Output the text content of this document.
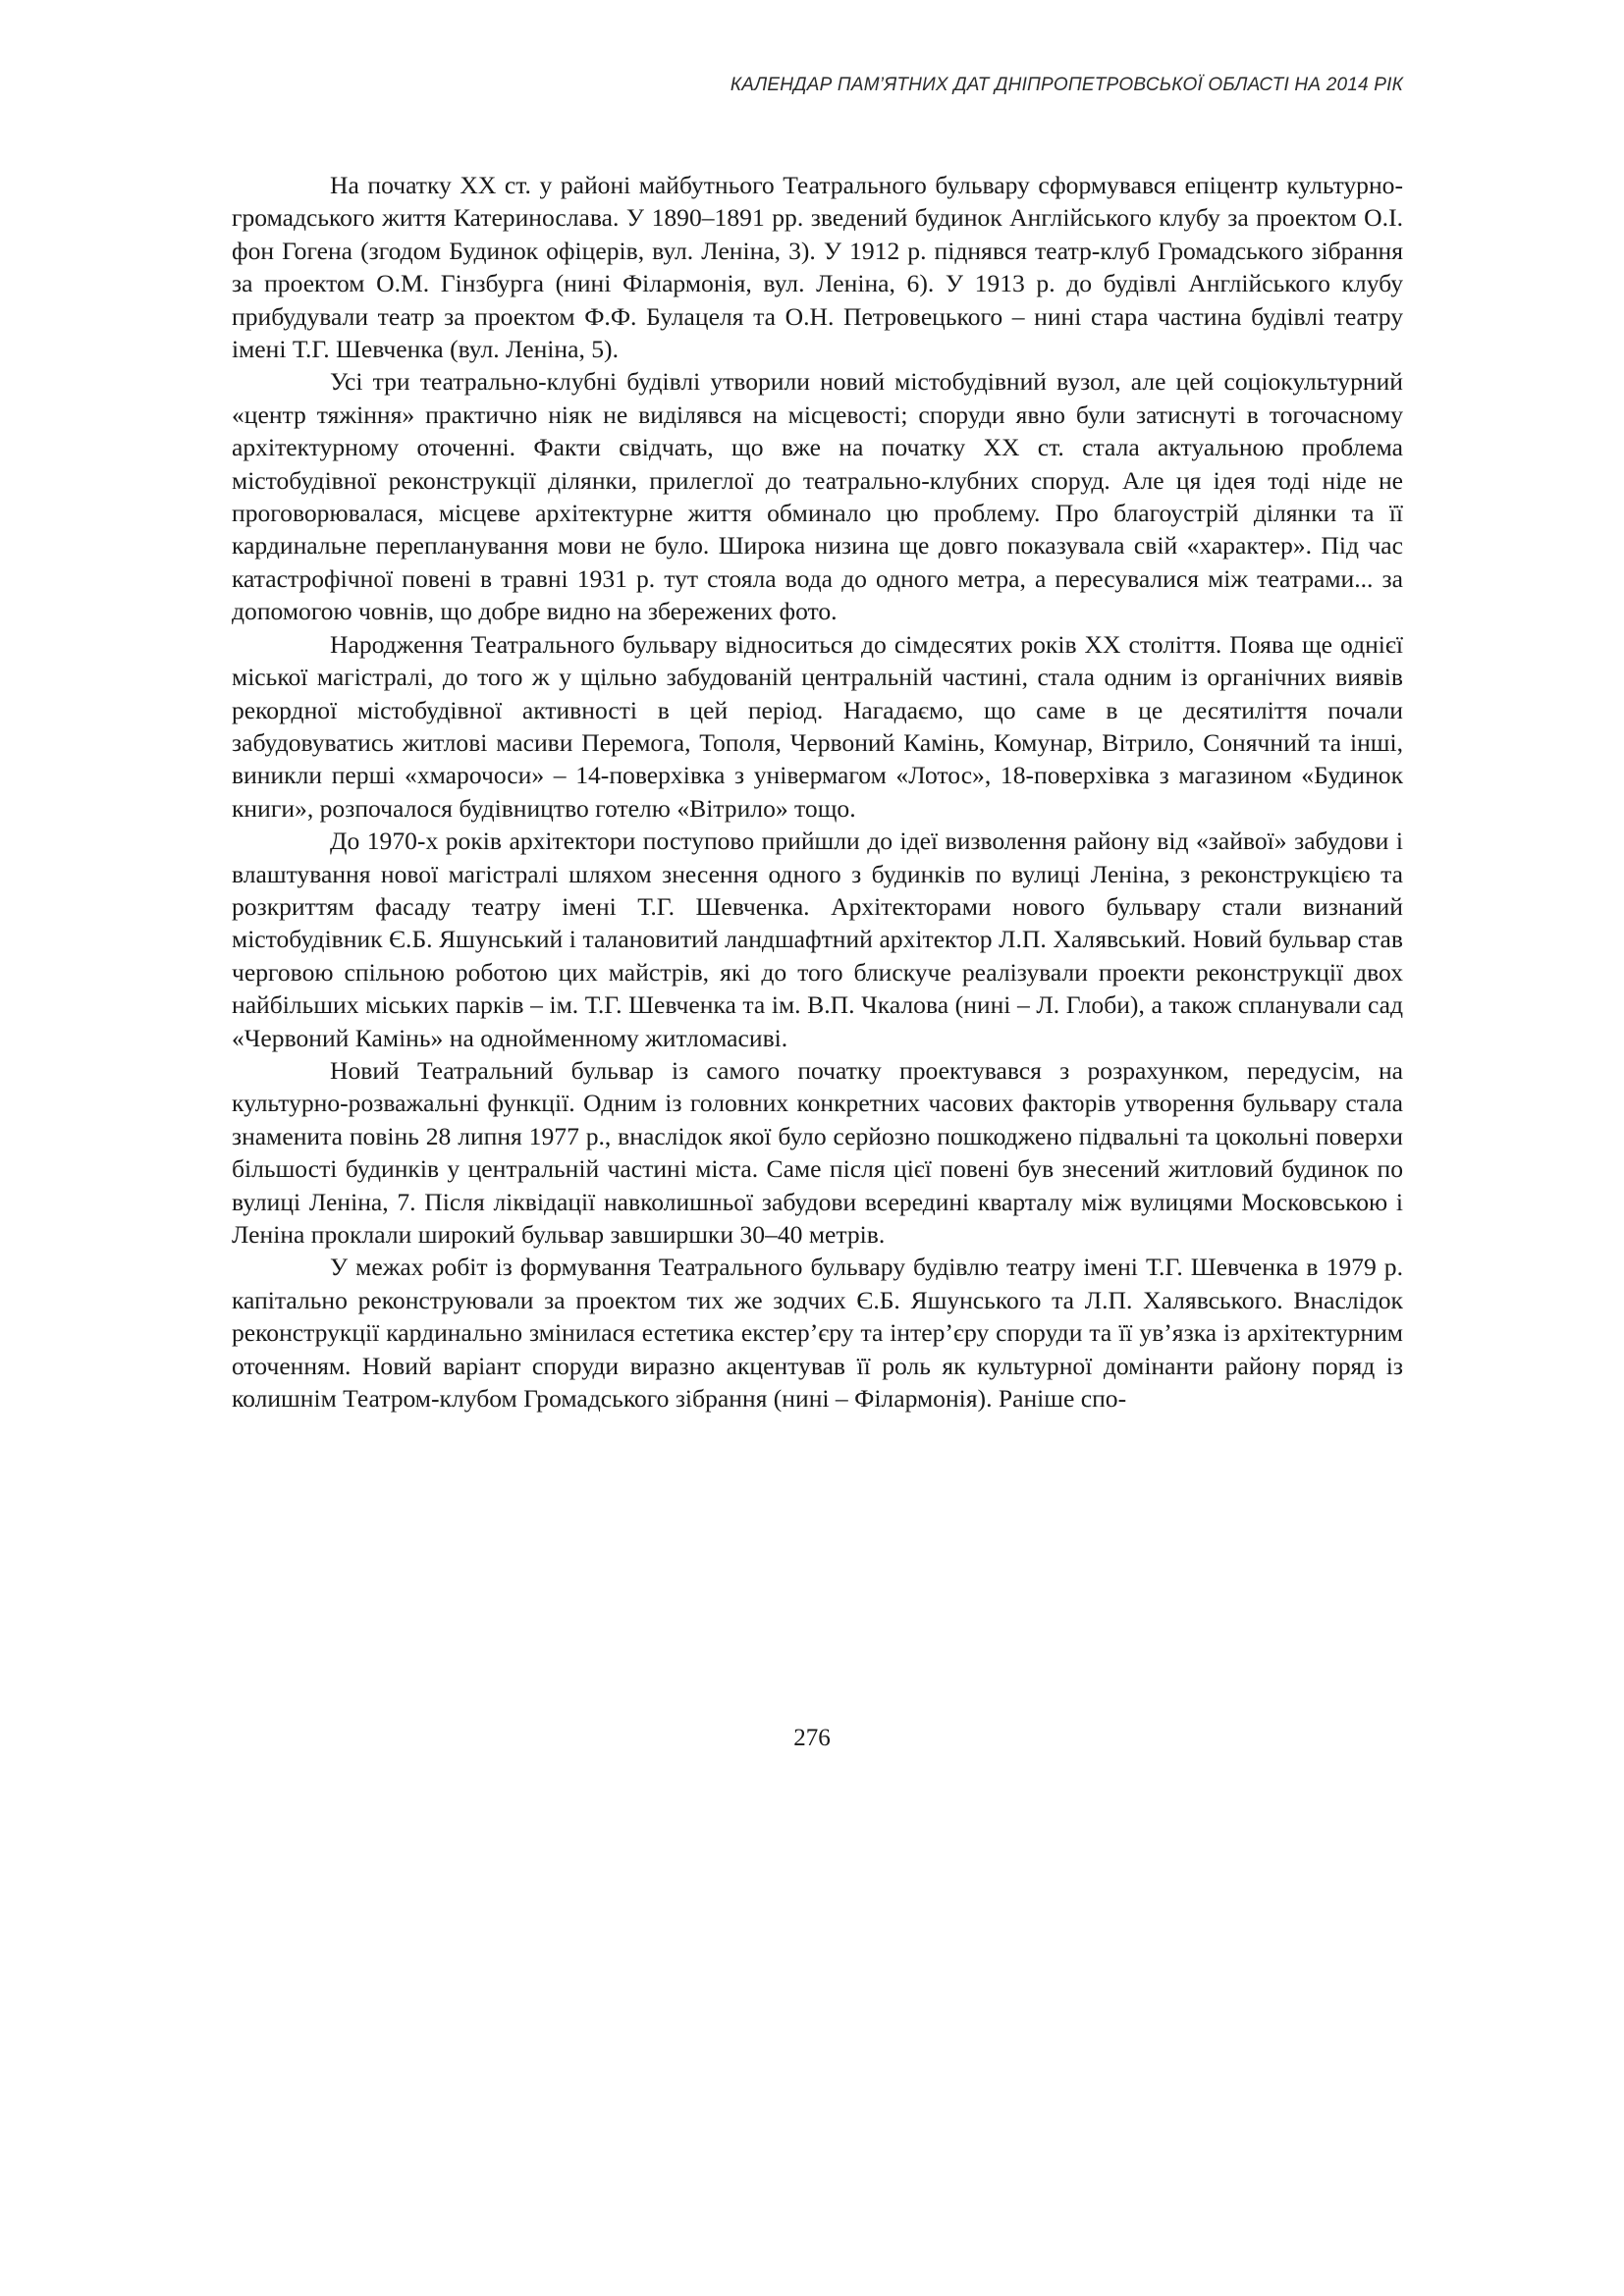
КАЛЕНДАР ПАМ’ЯТНИХ ДАТ ДНІПРОПЕТРОВСЬКОЇ ОБЛАСТІ НА 2014 РІК

На початку ХХ ст. у районі майбутнього Театрального бульвару сформувався епіцентр культурно-громадського життя Катеринослава. У 1890–1891 рр. зведений будинок Англійського клубу за проектом О.І. фон Гогена (згодом Будинок офіцерів, вул. Леніна, 3). У 1912 р. піднявся театр-клуб Громадського зібрання за проектом О.М. Гінзбурга (нині Філармонія, вул. Леніна, 6). У 1913 р. до будівлі Англійського клубу прибудували театр за проектом Ф.Ф. Булацеля та О.Н. Петровецького – нині стара частина будівлі театру імені Т.Г. Шевченка (вул. Леніна, 5).

Усі три театрально-клубні будівлі утворили новий містобудівний вузол, але цей соціокультурний «центр тяжіння» практично ніяк не виділявся на місцевості; споруди явно були затиснуті в тогочасному архітектурному оточенні. Факти свідчать, що вже на початку ХХ ст. стала актуальною проблема містобудівної реконструкції ділянки, прилеглої до театрально-клубних споруд. Але ця ідея тоді ніде не проговорювалася, місцеве архітектурне життя обминало цю проблему. Про благоустрій ділянки та її кардинальне перепланування мови не було. Широка низина ще довго показувала свій «характер». Під час катастрофічної повені в травні 1931 р. тут стояла вода до одного метра, а пересувалися між театрами... за допомогою човнів, що добре видно на збережених фото.

Народження Театрального бульвару відноситься до сімдесятих років ХХ століття. Поява ще однієї міської магістралі, до того ж у щільно забудованій центральній частині, стала одним із органічних виявів рекордної містобудівної активності в цей період. Нагадаємо, що саме в це десятиліття почали забудовуватись житлові масиви Перемога, Тополя, Червоний Камінь, Комунар, Вітрило, Сонячний та інші, виникли перші «хмарочоси» – 14-поверхівка з універмагом «Лотос», 18-поверхівка з магазином «Будинок книги», розпочалося будівництво готелю «Вітрило» тощо.

До 1970-х років архітектори поступово прийшли до ідеї визволення району від «зайвої» забудови і влаштування нової магістралі шляхом знесення одного з будинків по вулиці Леніна, з реконструкцією та розкриттям фасаду театру імені Т.Г. Шевченка. Архітекторами нового бульвару стали визнаний містобудівник Є.Б. Яшунський і талановитий ландшафтний архітектор Л.П. Халявський. Новий бульвар став черговою спільною роботою цих майстрів, які до того блискуче реалізували проекти реконструкції двох найбільших міських парків – ім. Т.Г. Шевченка та ім. В.П. Чкалова (нині – Л. Глоби), а також спланували сад «Червоний Камінь» на однойменному житломасиві.

Новий Театральний бульвар із самого початку проектувався з розрахунком, передусім, на культурно-розважальні функції. Одним із головних конкретних часових факторів утворення бульвару стала знаменита повінь 28 липня 1977 р., внаслідок якої було серйозно пошкоджено підвальні та цокольні поверхи більшості будинків у центральній частині міста. Саме після цієї повені був знесений житловий будинок по вулиці Леніна, 7. Після ліквідації навколишньої забудови всередині кварталу між вулицями Московською і Леніна проклали широкий бульвар завширшки 30–40 метрів.

У межах робіт із формування Театрального бульвару будівлю театру імені Т.Г. Шевченка в 1979 р. капітально реконструювали за проектом тих же зодчих Є.Б. Яшунського та Л.П. Халявського. Внаслідок реконструкції кардинально змінилася естетика екстер’єру та інтер’єру споруди та її ув’язка із архітектурним оточенням. Новий варіант споруди виразно акцентував її роль як культурної домінанти району поряд із колишнім Театром-клубом Громадського зібрання (нині – Філармонія). Раніше спо-

276
